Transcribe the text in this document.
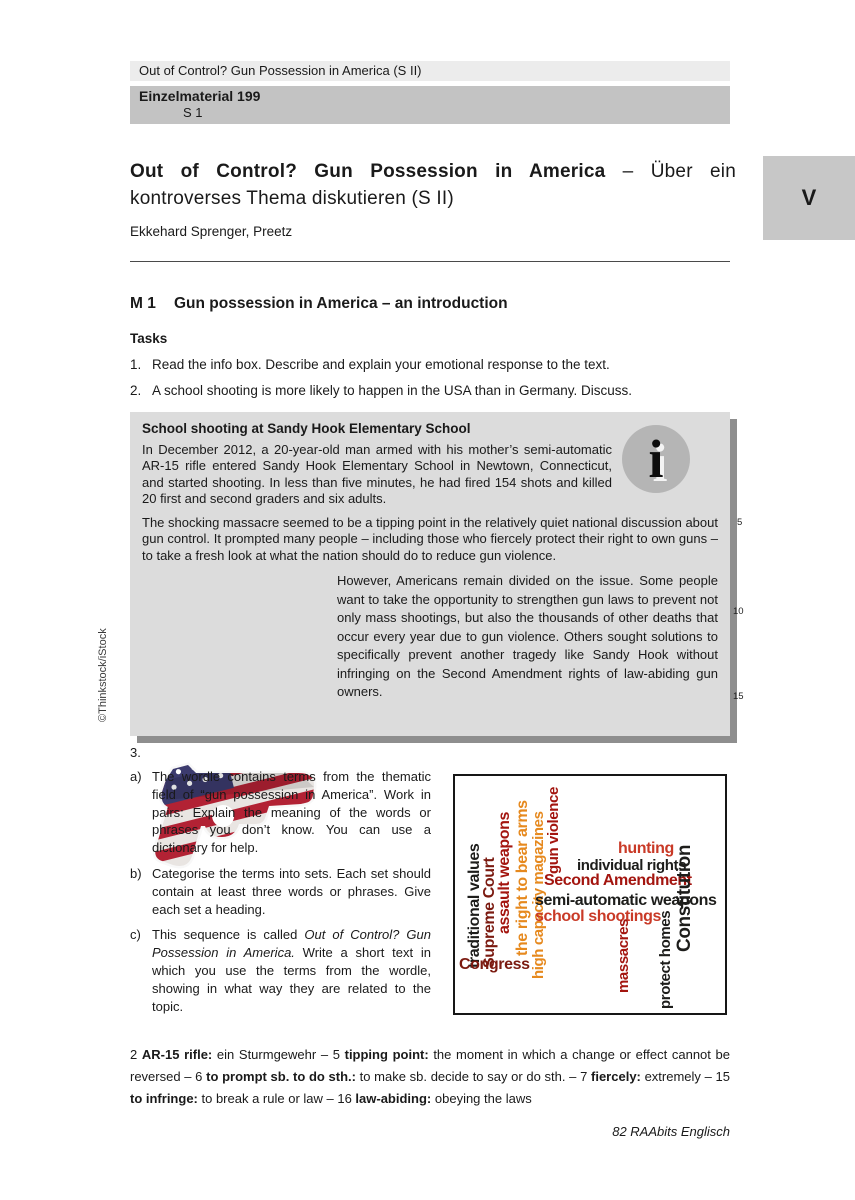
Out of Control? Gun Possession in America (S II)
Einzelmaterial 199
S 1
V
Out of Control? Gun Possession in America – Über ein kontroverses Thema diskutieren (S II)
Ekkehard Sprenger, Preetz
M 1 Gun possession in America – an introduction
Tasks
1. Read the info box. Describe and explain your emotional response to the text.
2. A school shooting is more likely to happen in the USA than in Germany. Discuss.
i
School shooting at Sandy Hook Elementary School

In December 2012, a 20-year-old man armed with his mother’s semi-automatic AR-15 rifle entered Sandy Hook Elementary School in Newtown, Connecticut, and started shooting. In less than five minutes, he had fired 154 shots and killed 20 first and second graders and six adults.

The shocking massacre seemed to be a tipping point in the relatively quiet national discussion about gun control. It prompted many people – including those who fiercely protect their right to own guns – to take a fresh look at what the nation should do to reduce gun violence.

However, Americans remain divided on the issue. Some people want to take the opportunity to strengthen gun laws to prevent not only mass shootings, but also the thousands of other deaths that occur every year due to gun violence. Others sought solutions to specifically prevent another tragedy like Sandy Hook without infringing on the Second Amendment rights of law-abiding gun owners.

©Thinkstock/iStock
5
10
15
3.
a) The wordle contains terms from the thematic field of “gun possession in America”. Work in pairs: Explain the meaning of the words or phrases you don’t know. You can use a dictionary for help.
b) Categorise the terms into sets. Each set should contain at least three words or phrases. Give each set a heading.
c) This sequence is called Out of Control? Gun Possession in America. Write a short text in which you use the terms from the wordle, showing in what way they are related to the topic.
traditional values
Supreme Court
assault weapons the right to bear arms high capacity magazines
gun violence
Congress
hunting
individual rights
Second Amendment
semi-automatic weapons
school shootings
massacres protect homes
Constitution
2 AR-15 rifle: ein Sturmgewehr – 5 tipping point: the moment in which a change or effect cannot be reversed – 6 to prompt sb. to do sth.: to make sb. decide to say or do sth. – 7 fiercely: extremely – 15 to infringe: to break a rule or law – 16 law-abiding: obeying the laws
82 RAAbits Englisch
